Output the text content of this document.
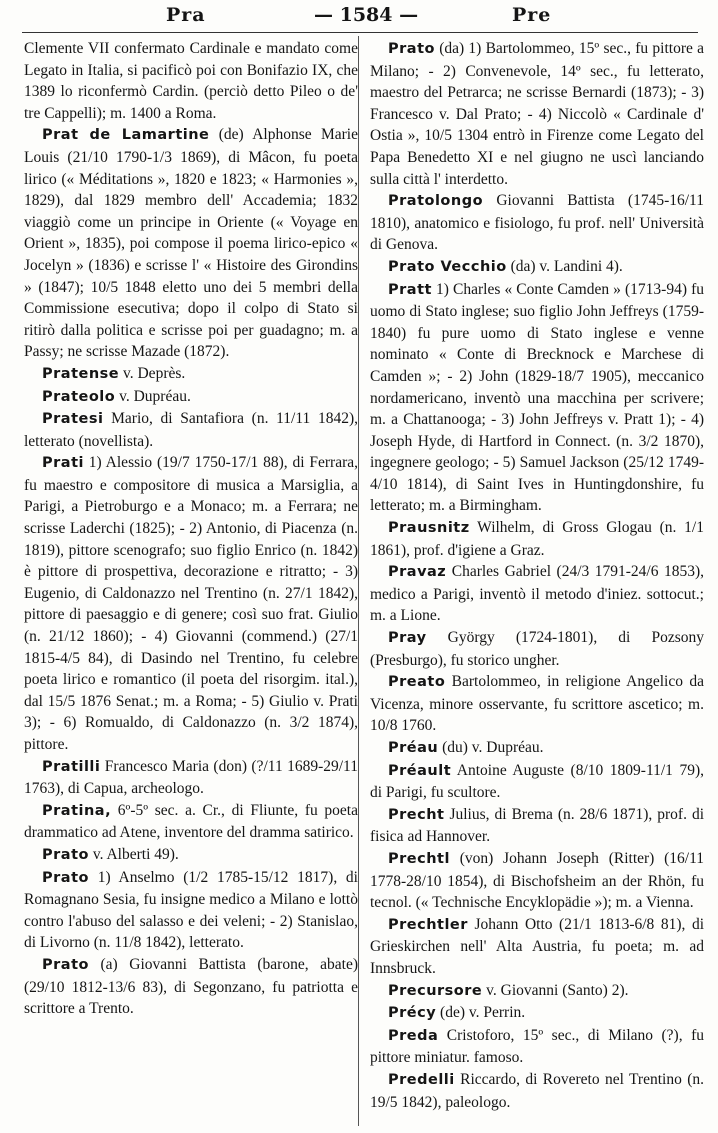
Pra	— 1584 —	Pre

Clemente VII confermato Cardinale e mandato come Legato in Italia, si pacificò poi con Bonifazio IX, che 1389 lo riconfermò Cardin. (perciò detto Pileo o de' tre Cappelli); m. 1400 a Roma.

Prat de Lamartine (de) Alphonse Marie Louis (21/10 1790-1/3 1869), di Mâcon, fu poeta lirico (« Méditations », 1820 e 1823; « Harmonies », 1829), dal 1829 membro dell' Accademia; 1832 viaggiò come un principe in Oriente (« Voyage en Orient », 1835), poi compose il poema lirico-epico « Jocelyn » (1836) e scrisse l' « Histoire des Girondins » (1847); 10/5 1848 eletto uno dei 5 membri della Commissione esecutiva; dopo il colpo di Stato si ritirò dalla politica e scrisse poi per guadagno; m. a Passy; ne scrisse Mazade (1872).

Pratense v. Deprès.

Prateolo v. Dupréau.

Pratesi Mario, di Santafiora (n. 11/11 1842), letterato (novellista).

Prati 1) Alessio (19/7 1750-17/1 88), di Ferrara, fu maestro e compositore di musica a Marsiglia, a Parigi, a Pietroburgo e a Monaco; m. a Ferrara; ne scrisse Laderchi (1825); - 2) Antonio, di Piacenza (n. 1819), pittore scenografo; suo figlio Enrico (n. 1842) è pittore di prospettiva, decorazione e ritratto; - 3) Eugenio, di Caldonazzo nel Trentino (n. 27/1 1842), pittore di paesaggio e di genere; così suo frat. Giulio (n. 21/12 1860); - 4) Giovanni (commend.) (27/1 1815-4/5 84), di Dasindo nel Trentino, fu celebre poeta lirico e romantico (il poeta del risorgim. ital.), dal 15/5 1876 Senat.; m. a Roma; - 5) Giulio v. Prati 3); - 6) Romualdo, di Caldonazzo (n. 3/2 1874), pittore.

Pratilli Francesco Maria (don) (?/11 1689-29/11 1763), di Capua, archeologo.

Pratina, 6º-5º sec. a. Cr., di Fliunte, fu poeta drammatico ad Atene, inventore del dramma satirico.

Prato v. Alberti 49).

Prato 1) Anselmo (1/2 1785-15/12 1817), di Romagnano Sesia, fu insigne medico a Milano e lottò contro l'abuso del salasso e dei veleni; - 2) Stanislao, di Livorno (n. 11/8 1842), letterato.

Prato (a) Giovanni Battista (barone, abate) (29/10 1812-13/6 83), di Segonzano, fu patriotta e scrittore a Trento.

Prato (da) 1) Bartolommeo, 15º sec., fu pittore a Milano; - 2) Convenevole, 14º sec., fu letterato, maestro del Petrarca; ne scrisse Bernardi (1873); - 3) Francesco v. Dal Prato; - 4) Niccolò « Cardinale d' Ostia », 10/5 1304 entrò in Firenze come Legato del Papa Benedetto XI e nel giugno ne uscì lanciando sulla città l' interdetto.

Pratolongo Giovanni Battista (1745-16/11 1810), anatomico e fisiologo, fu prof. nell' Università di Genova.

Prato Vecchio (da) v. Landini 4).

Pratt 1) Charles « Conte Camden » (1713-94) fu uomo di Stato inglese; suo figlio John Jeffreys (1759-1840) fu pure uomo di Stato inglese e venne nominato « Conte di Brecknock e Marchese di Camden »; - 2) John (1829-18/7 1905), meccanico nordamericano, inventò una macchina per scrivere; m. a Chattanooga; - 3) John Jeffreys v. Pratt 1); - 4) Joseph Hyde, di Hartford in Connect. (n. 3/2 1870), ingegnere geologo; - 5) Samuel Jackson (25/12 1749-4/10 1814), di Saint Ives in Huntingdonshire, fu letterato; m. a Birmingham.

Prausnitz Wilhelm, di Gross Glogau (n. 1/1 1861), prof. d'igiene a Graz.

Pravaz Charles Gabriel (24/3 1791-24/6 1853), medico a Parigi, inventò il metodo d'iniez. sottocut.; m. a Lione.

Pray György (1724-1801), di Pozsony (Presburgo), fu storico ungher.

Preato Bartolommeo, in religione Angelico da Vicenza, minore osservante, fu scrittore ascetico; m. 10/8 1760.

Préau (du) v. Dupréau.

Préault Antoine Auguste (8/10 1809-11/1 79), di Parigi, fu scultore.

Precht Julius, di Brema (n. 28/6 1871), prof. di fisica ad Hannover.

Prechtl (von) Johann Joseph (Ritter) (16/11 1778-28/10 1854), di Bischofsheim an der Rhön, fu tecnol. (« Technische Encyklopädie »); m. a Vienna.

Prechtler Johann Otto (21/1 1813-6/8 81), di Grieskirchen nell' Alta Austria, fu poeta; m. ad Innsbruck.

Precursore v. Giovanni (Santo) 2).

Précy (de) v. Perrin.

Preda Cristoforo, 15º sec., di Milano (?), fu pittore miniatur. famoso.

Predelli Riccardo, di Rovereto nel Trentino (n. 19/5 1842), paleologo.
